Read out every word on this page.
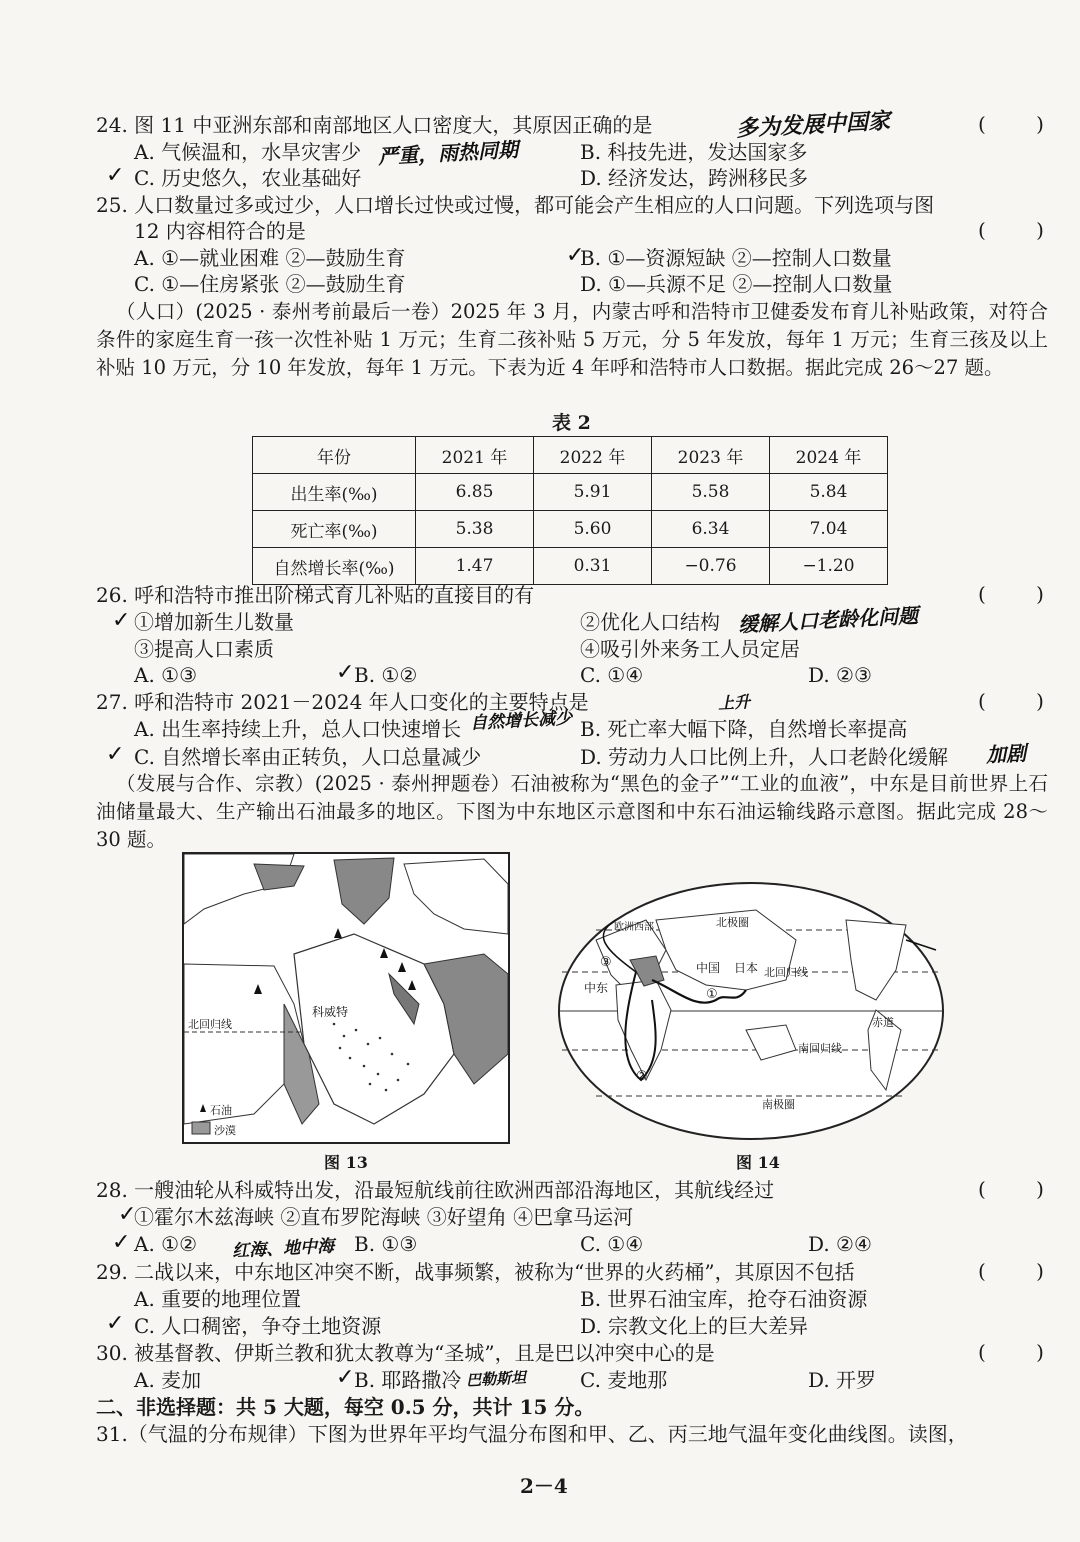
24. 图 11 中亚洲东部和南部地区人口密度大，其原因正确的是	多为发展中国家	( )
A. 气候温和，水旱灾害少 严重，雨热同期	B. 科技先进，发达国家多
✓ C. 历史悠久，农业基础好	D. 经济发达，跨洲移民多
25. 人口数量过多或过少，人口增长过快或过慢，都可能会产生相应的人口问题。下列选项与图
12 内容相符合的是	( )
A. ①—就业困难 ②—鼓励生育	✓
B. ①—资源短缺 ②—控制人口数量
C. ①—住房紧张 ②—鼓励生育	D. ①—兵源不足 ②—控制人口数量
（人口）(2025 · 泰州考前最后一卷）2025 年 3 月，内蒙古呼和浩特市卫健委发布育儿补贴政策，对符合条件的家庭生育一孩一次性补贴 1 万元；生育二孩补贴 5 万元，分 5 年发放，每年 1 万元；生育三孩及以上补贴 10 万元，分 10 年发放，每年 1 万元。下表为近 4 年呼和浩特市人口数据。据此完成 26～27 题。
表 2
年份	2021 年	2022 年	2023 年	2024 年
出生率(‰)	6.85	5.91	5.58	5.84
死亡率(‰)	5.38	5.60	6.34	7.04
自然增长率(‰)	1.47	0.31	−0.76	−1.20
26. 呼和浩特市推出阶梯式育儿补贴的直接目的有	( )
✓ ①增加新生儿数量	②优化人口结构 缓解人口老龄化问题
③提高人口素质	④吸引外来务工人员定居
A. ①③	✓ B. ①②	C. ①④	D. ②③
27. 呼和浩特市 2021－2024 年人口变化的主要特点是	( )
A. 出生率持续上升，总人口快速增长 自然增长减少 B. 死亡率大幅下降，自然增长率提高
上升
✓ C. 自然增长率由正转负，人口总量减少	D. 劳动力人口比例上升，人口老龄化缓解 加剧
（发展与合作、宗教）(2025 · 泰州押题卷）石油被称为“黑色的金子”“工业的血液”，中东是目前世界上石油储量最大、生产输出石油最多的地区。下图为中东地区示意图和中东石油运输线路示意图。据此完成 28～30 题。
科威特
北回归线
石油
沙漠
图 13
北极圈
中国 日本 北回归线
中东
赤道
南回归线
南极圈
欧洲西部
①
②
③
图 14
28. 一艘油轮从科威特出发，沿最短航线前往欧洲西部沿海地区，其航线经过	( )
✓
①霍尔木兹海峡 ②直布罗陀海峡 ③好望角 ④巴拿马运河
✓ A. ①② 红海、地中海 B. ①③	C. ①④	D. ②④
29. 二战以来，中东地区冲突不断，战事频繁，被称为“世界的火药桶”，其原因不包括	( )
A. 重要的地理位置	B. 世界石油宝库，抢夺石油资源
✓ C. 人口稠密，争夺土地资源	D. 宗教文化上的巨大差异
30. 被基督教、伊斯兰教和犹太教尊为“圣城”，且是巴以冲突中心的是	( )
A. 麦加	✓ B. 耶路撒冷 巴勒斯坦	C. 麦地那	D. 开罗
二、非选择题：共 5 大题，每空 0.5 分，共计 15 分。
31.（气温的分布规律）下图为世界年平均气温分布图和甲、乙、丙三地气温年变化曲线图。读图，
2－4
